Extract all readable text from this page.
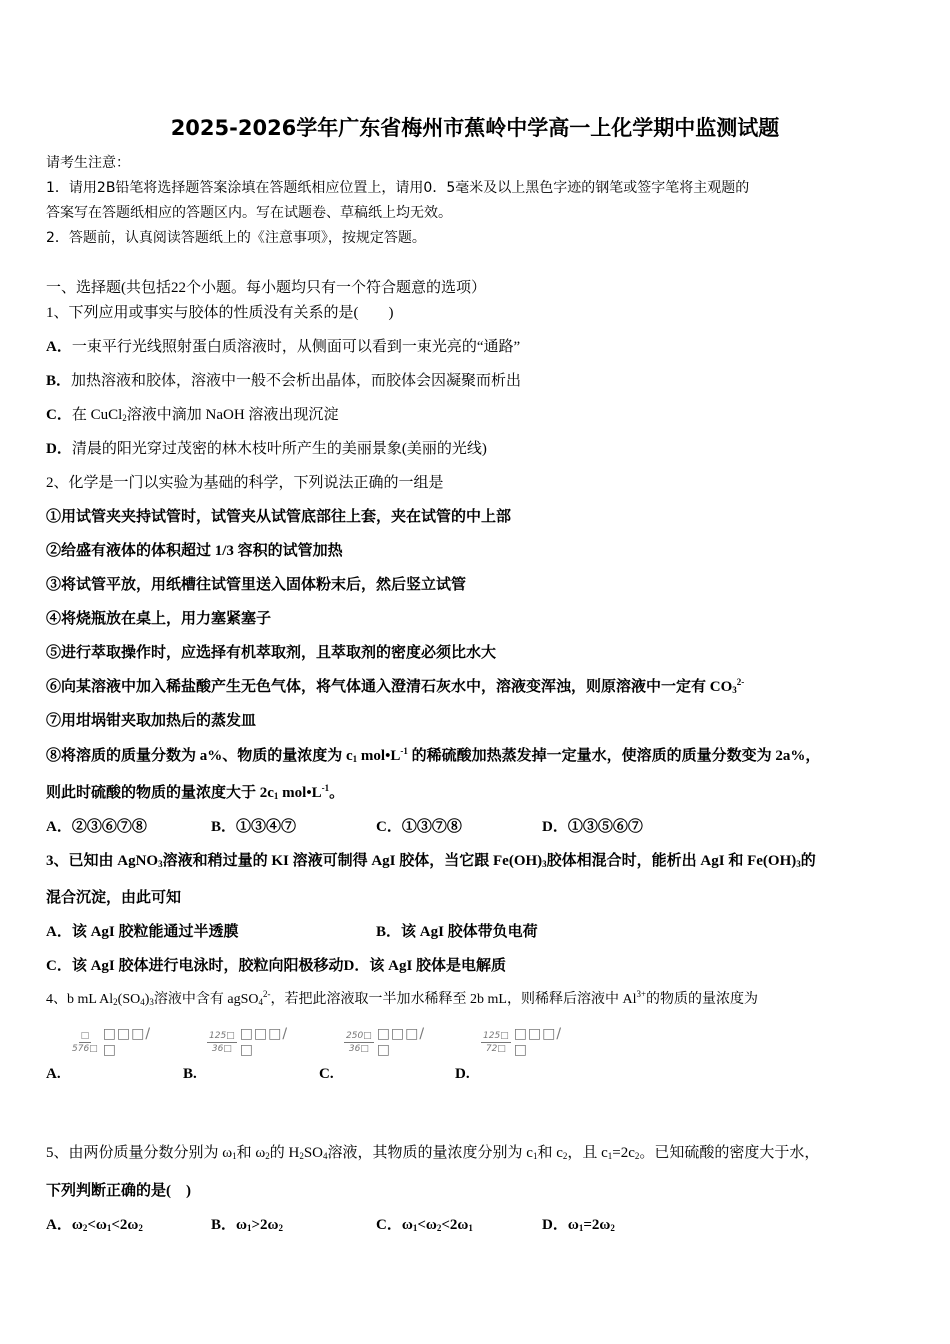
2025-2026学年广东省梅州市蕉岭中学高一上化学期中监测试题
请考生注意：
1．请用2B铅笔将选择题答案涂填在答题纸相应位置上，请用0．5毫米及以上黑色字迹的钢笔或签字笔将主观题的
答案写在答题纸相应的答题区内。写在试题卷、草稿纸上均无效。
2．答题前，认真阅读答题纸上的《注意事项》，按规定答题。
一、选择题(共包括22个小题。每小题均只有一个符合题意的选项）
1、下列应用或事实与胶体的性质没有关系的是(　　)
A．一束平行光线照射蛋白质溶液时，从侧面可以看到一束光亮的“通路”
B．加热溶液和胶体，溶液中一般不会析出晶体，而胶体会因凝聚而析出
C．在 CuCl$_2$溶液中滴加 NaOH 溶液出现沉淀
D．清晨的阳光穿过茂密的林木枝叶所产生的美丽景象(美丽的光线)
2、化学是一门以实验为基础的科学，下列说法正确的一组是
①用试管夹夹持试管时，试管夹从试管底部往上套，夹在试管的中上部
②给盛有液体的体积超过 1/3 容积的试管加热
③将试管平放，用纸槽往试管里送入固体粉末后，然后竖立试管
④将烧瓶放在桌上，用力塞紧塞子
⑤进行萃取操作时，应选择有机萃取剂，且萃取剂的密度必须比水大
⑥向某溶液中加入稀盐酸产生无色气体，将气体通入澄清石灰水中，溶液变浑浊，则原溶液中一定有 $CO_3^{2-}$
⑦用坩埚钳夹取加热后的蒸发皿
⑧将溶质的质量分数为 a%、物质的量浓度为 $c_1$ $mol•L^{-1}$ 的稀硫酸加热蒸发掉一定量水，使溶质的质量分数变为 2a%，
则此时硫酸的物质的量浓度大于 $2c_1$ $mol•L^{-1}$。
A．②③⑥⑦⑧	B．①③④⑦	C．①③⑦⑧	D．①③⑤⑥⑦
3、已知由 AgNO$_3$溶液和稍过量的 KI 溶液可制得 AgI 胶体，当它跟 $Fe(OH)_3$胶体相混合时，能析出 AgI 和 $Fe(OH)_3$的
混合沉淀，由此可知
A．该 AgI 胶粒能通过半透膜	B．该 AgI 胶体带负电荷
C．该 AgI 胶体进行电泳时，胶粒向阳极移动D．该 AgI 胶体是电解质
4、b mL $Al_2(SO_4)_3$溶液中含有 agSO$_4^{2-}$，若把此溶液取一半加水稀释至 2b mL，则稀释后溶液中 $Al^{3+}$的物质的量浓度为
$\frac{□}{576□}$ □□□/□	$\frac{125□}{36□}$ □□□/□	$\frac{250□}{36□}$ □□□/□	$\frac{125□}{72□}$ □□□/□
A.	B.	C.	D.
5、由两份质量分数分别为 $\omega_1$和 $\omega_2$的 $H_2SO_4$溶液，其物质的量浓度分别为 $c_1$和 $c_2$，且 $c_1=2c_2$。已知硫酸的密度大于水，
下列判断正确的是(　)
A．$\omega_2<\omega_1<2\omega_2$	B．$\omega_1>2\omega_2$	C．$\omega_1<\omega_2<2\omega_1$	D．$\omega_1=2\omega_2$
